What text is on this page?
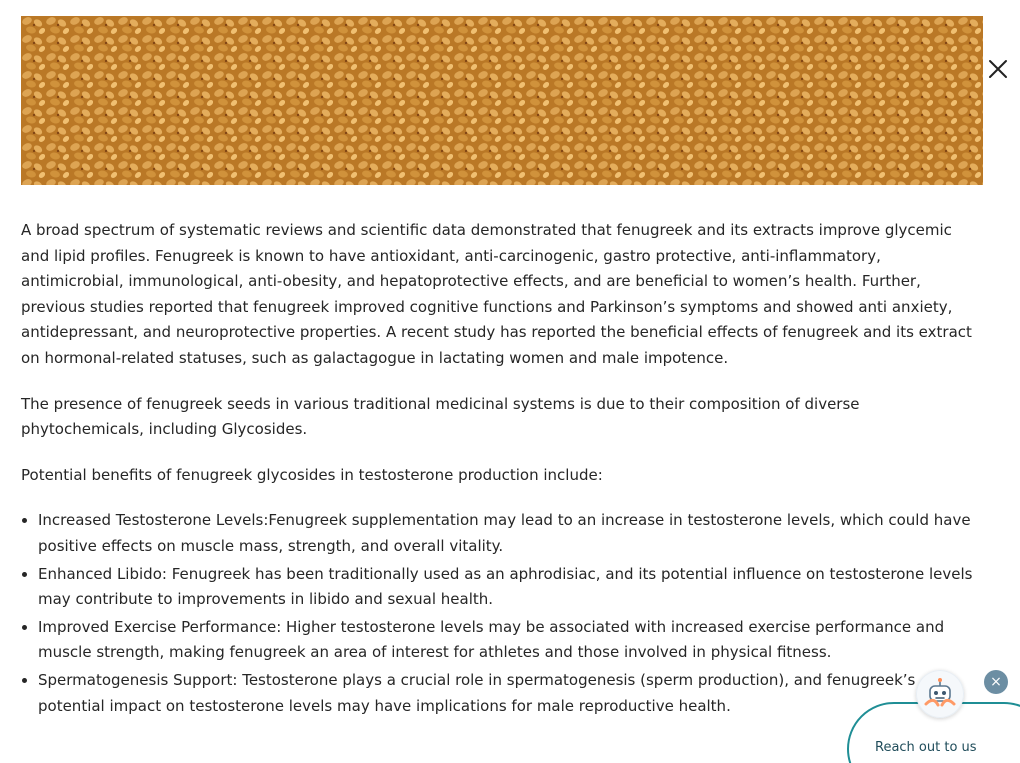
A broad spectrum of systematic reviews and scientific data demonstrated that fenugreek and its extracts improve glycemic and lipid profiles. Fenugreek is known to have antioxidant, anti-carcinogenic, gastro protective, anti-inflammatory, antimicrobial, immunological, anti-obesity, and hepatoprotective effects, and are beneficial to women’s health. Further, previous studies reported that fenugreek improved cognitive functions and Parkinson’s symptoms and showed anti anxiety, antidepressant, and neuroprotective properties. A recent study has reported the beneficial effects of fenugreek and its extract on hormonal-related statuses, such as galactagogue in lactating women and male impotence.

The presence of fenugreek seeds in various traditional medicinal systems is due to their composition of diverse phytochemicals, including Glycosides.

Potential benefits of fenugreek glycosides in testosterone production include:

• Increased Testosterone Levels:Fenugreek supplementation may lead to an increase in testosterone levels, which could have positive effects on muscle mass, strength, and overall vitality.
• Enhanced Libido: Fenugreek has been traditionally used as an aphrodisiac, and its potential influence on testosterone levels may contribute to improvements in libido and sexual health.
• Improved Exercise Performance: Higher testosterone levels may be associated with increased exercise performance and muscle strength, making fenugreek an area of interest for athletes and those involved in physical fitness.
• Spermatogenesis Support: Testosterone plays a crucial role in spermatogenesis (sperm production), and fenugreek’s potential impact on testosterone levels may have implications for male reproductive health.
Reach out to us
×
